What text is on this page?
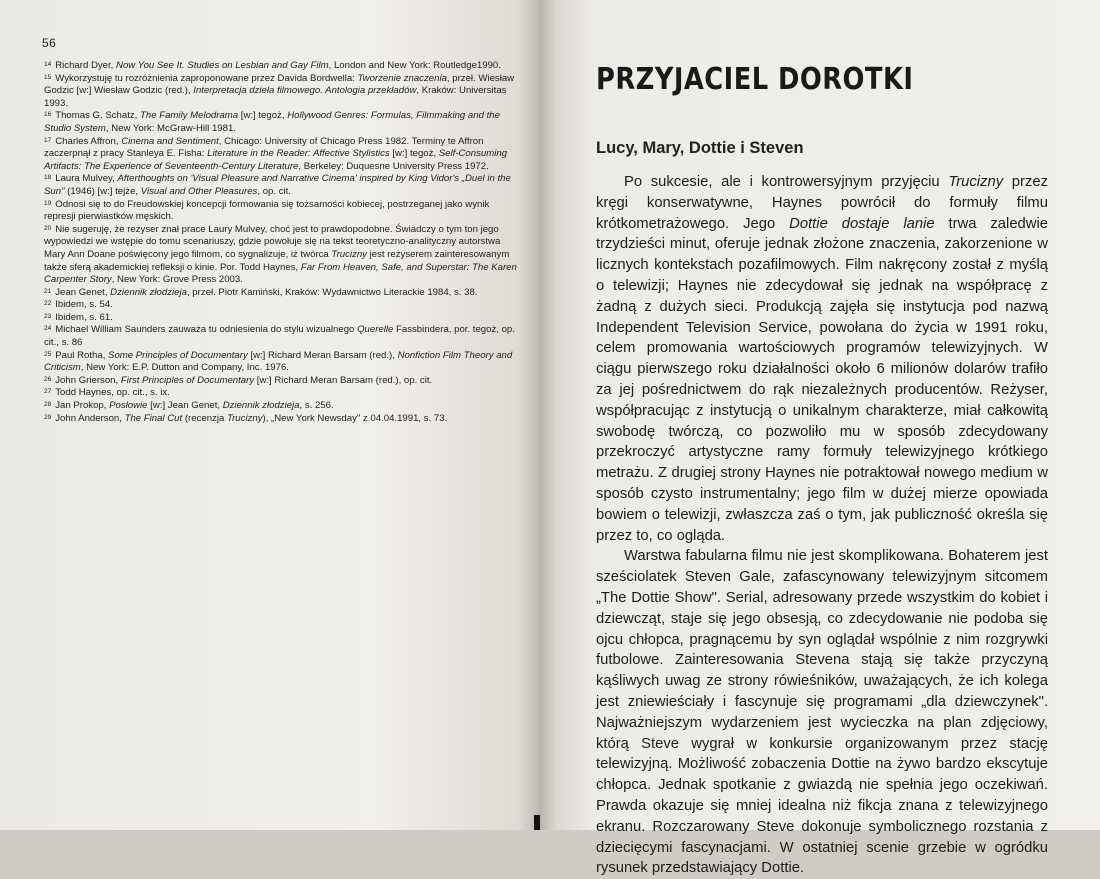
56

$^{14}$ Richard Dyer, Now You See It. Studies on Lesbian and Gay Film, London and New York: Routledge1990.

$^{15}$ Wykorzystuję tu rozróżnienia zaproponowane przez Davida Bordwella: Tworzenie znaczenia, przeł. Wiesław Godzic [w:] Wiesław Godzic (red.), Interpretacja dzieła filmowego. Antologia przekładów, Kraków: Universitas 1993.

$^{16}$ Thomas G. Schatz, The Family Melodrama [w:] tegoż, Hollywood Genres: Formulas, Filmmaking and the Studio System, New York: McGraw-Hill 1981.

$^{17}$ Charles Affron, Cinema and Sentiment, Chicago: University of Chicago Press 1982. Terminy te Affron zaczerpnął z pracy Stanleya E. Fisha: Literature in the Reader: Affective Stylistics [w:] tegoż, Self-Consuming Artifacts: The Experience of Seventeenth-Century Literature, Berkeley: Duquesne University Press 1972.

$^{18}$ Laura Mulvey, Afterthoughts on 'Visual Pleasure and Narrative Cinema' inspired by King Vidor's „Duel in the Sun" (1946) [w:] tejże, Visual and Other Pleasures, op. cit.

$^{19}$ Odnosi się to do Freudowskiej koncepcji formowania się tożsamości kobiecej, postrzeganej jako wynik represji pierwiastków męskich.

$^{20}$ Nie sugeruję, że reżyser znał prace Laury Mulvey, choć jest to prawdopodobne. Świadczy o tym ton jego wypowiedzi we wstępie do tomu scenariuszy, gdzie powołuje się na tekst teoretyczno-analityczny autorstwa Mary Ann Doane poświęcony jego filmom, co sygnalizuje, iż twórca Trucizny jest reżyserem zainteresowanym także sferą akademickiej refleksji o kinie. Por. Todd Haynes, Far From Heaven, Safe, and Superstar: The Karen Carpenter Story, New York: Grove Press 2003.

$^{21}$ Jean Genet, Dziennik złodzieja, przeł. Piotr Kamiński, Kraków: Wydawnictwo Literackie 1984, s. 38.

$^{22}$ Ibidem, s. 54.

$^{23}$ Ibidem, s. 61.

$^{24}$ Michael William Saunders zauważa tu odniesienia do stylu wizualnego Querelle Fassbindera, por. tegoż, op. cit., s. 86

$^{25}$ Paul Rotha, Some Principles of Documentary [w:] Richard Meran Barsam (red.), Nonfiction Film Theory and Criticism, New York: E.P. Dutton and Company, Inc. 1976.

$^{26}$ John Grierson, First Principles of Documentary [w:] Richard Meran Barsam (red.), op. cit.

$^{27}$ Todd Haynes, op. cit., s. ix.

$^{28}$ Jan Prokop, Posłowie [w:] Jean Genet, Dziennik złodzieja, s. 256.

$^{29}$ John Anderson, The Final Cut (recenzja Trucizny), „New York Newsday" z 04.04.1991, s. 73.

PRZYJACIEL DOROTKI
Lucy, Mary, Dottie i Steven

Po sukcesie, ale i kontrowersyjnym przyjęciu Trucizny przez kręgi konserwatywne, Haynes powrócił do formuły filmu krótkometrażowego. Jego Dottie dostaje lanie trwa zaledwie trzydzieści minut, oferuje jednak złożone znaczenia, zakorzenione w licznych kontekstach pozafilmowych. Film nakręcony został z myślą o telewizji; Haynes nie zdecydował się jednak na współpracę z żadną z dużych sieci. Produkcją zajęła się instytucja pod nazwą Independent Television Service, powołana do życia w 1991 roku, celem promowania wartościowych programów telewizyjnych. W ciągu pierwszego roku działalności około 6 milionów dolarów trafiło za jej pośrednictwem do rąk niezależnych producentów. Reżyser, współpracując z instytucją o unikalnym charakterze, miał całkowitą swobodę twórczą, co pozwoliło mu w sposób zdecydowany przekroczyć artystyczne ramy formuły telewizyjnego krótkiego metrażu. Z drugiej strony Haynes nie potraktował nowego medium w sposób czysto instrumentalny; jego film w dużej mierze opowiada bowiem o telewizji, zwłaszcza zaś o tym, jak publiczność określa się przez to, co ogląda.

Warstwa fabularna filmu nie jest skomplikowana. Bohaterem jest sześciolatek Steven Gale, zafascynowany telewizyjnym sitcomem „The Dottie Show". Serial, adresowany przede wszystkim do kobiet i dziewcząt, staje się jego obsesją, co zdecydowanie nie podoba się ojcu chłopca, pragnącemu by syn oglądał wspólnie z nim rozgrywki futbolowe. Zainteresowania Stevena stają się także przyczyną kąśliwych uwag ze strony rówieśników, uważających, że ich kolega jest zniewieściały i fascynuje się programami „dla dziewczynek". Najważniejszym wydarzeniem jest wycieczka na plan zdjęciowy, którą Steve wygrał w konkursie organizowanym przez stację telewizyjną. Możliwość zobaczenia Dottie na żywo bardzo ekscytuje chłopca. Jednak spotkanie z gwiazdą nie spełnia jego oczekiwań. Prawda okazuje się mniej idealna niż fikcja znana z telewizyjnego ekranu. Rozczarowany Steve dokonuje symbolicznego rozstania z dziecięcymi fascynacjami. W ostatniej scenie grzebie w ogródku rysunek przedstawiający Dottie.
